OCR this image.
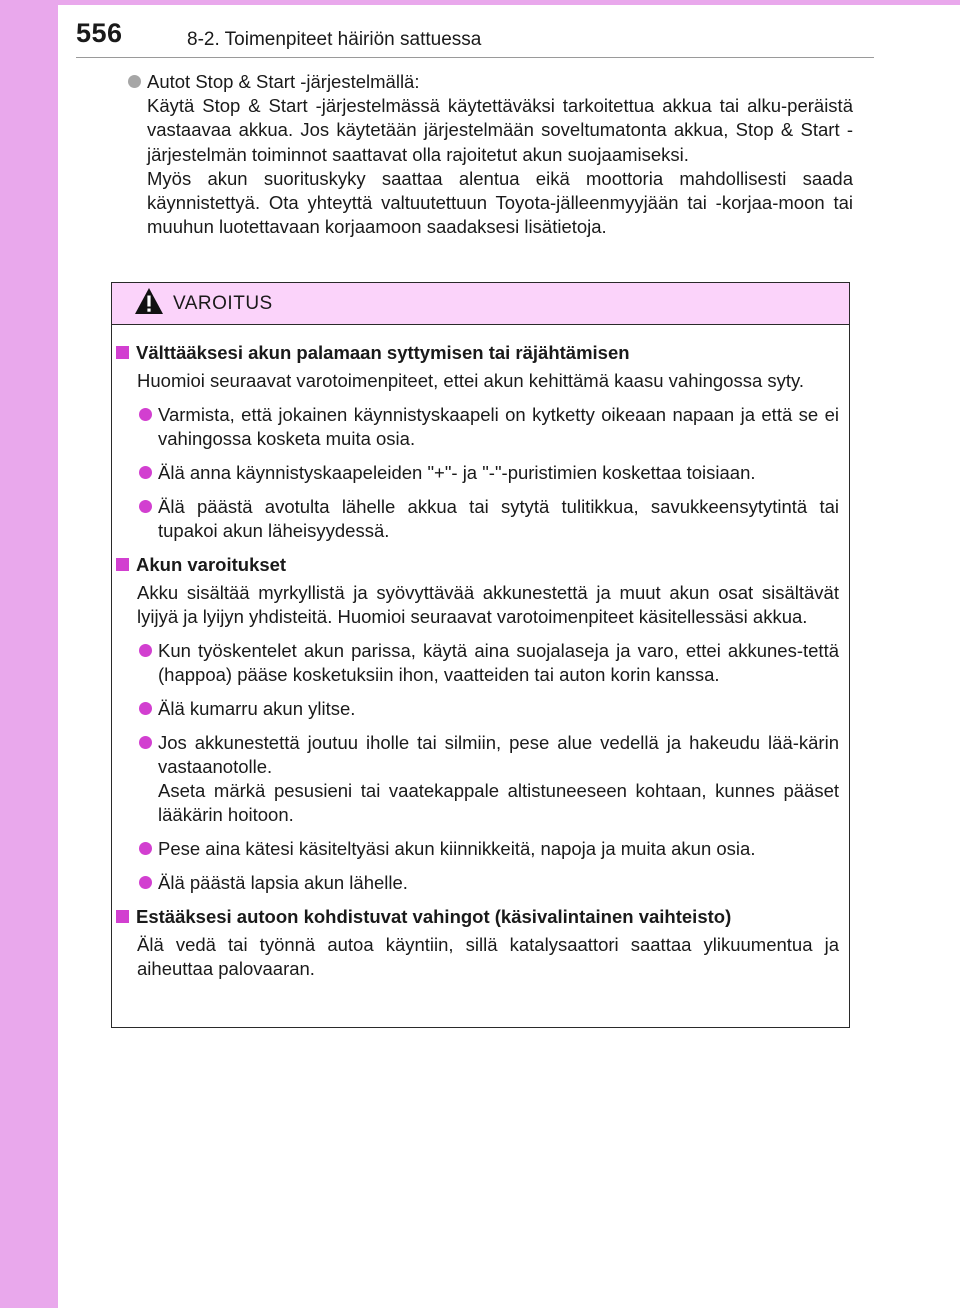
556	8-2. Toimenpiteet häiriön sattuessa
Autot Stop & Start -järjestelmällä:

Käytä Stop & Start -järjestelmässä käytettäväksi tarkoitettua akkua tai alku-peräistä vastaavaa akkua. Jos käytetään järjestelmään soveltumatonta akkua, Stop & Start -järjestelmän toiminnot saattavat olla rajoitetut akun suojaamiseksi.

Myös akun suorituskyky saattaa alentua eikä moottoria mahdollisesti saada käynnistettyä. Ota yhteyttä valtuutettuun Toyota-jälleenmyyjään tai -korjaa-moon tai muuhun luotettavaan korjaamoon saadaksesi lisätietoja.

VAROITUS
Välttääksesi akun palamaan syttymisen tai räjähtämisen
Huomioi seuraavat varotoimenpiteet, ettei akun kehittämä kaasu vahingossa syty.

Varmista, että jokainen käynnistyskaapeli on kytketty oikeaan napaan ja että se ei vahingossa kosketa muita osia.

Älä anna käynnistyskaapeleiden "+"- ja "-"-puristimien koskettaa toisiaan.

Älä päästä avotulta lähelle akkua tai sytytä tulitikkua, savukkeensytytintä tai tupakoi akun läheisyydessä.

Akun varoitukset
Akku sisältää myrkyllistä ja syövyttävää akkunestettä ja muut akun osat sisältävät lyijyä ja lyijyn yhdisteitä. Huomioi seuraavat varotoimenpiteet käsitellessäsi akkua.

Kun työskentelet akun parissa, käytä aina suojalaseja ja varo, ettei akkunes-tettä (happoa) pääse kosketuksiin ihon, vaatteiden tai auton korin kanssa.

Älä kumarru akun ylitse.

Jos akkunestettä joutuu iholle tai silmiin, pese alue vedellä ja hakeudu lää-kärin vastaanotolle.

Aseta märkä pesusieni tai vaatekappale altistuneeseen kohtaan, kunnes pääset lääkärin hoitoon.

Pese aina kätesi käsiteltyäsi akun kiinnikkeitä, napoja ja muita akun osia.

Älä päästä lapsia akun lähelle.

Estääksesi autoon kohdistuvat vahingot (käsivalintainen vaihteisto)
Älä vedä tai työnnä autoa käyntiin, sillä katalysaattori saattaa ylikuumentua ja aiheuttaa palovaaran.
